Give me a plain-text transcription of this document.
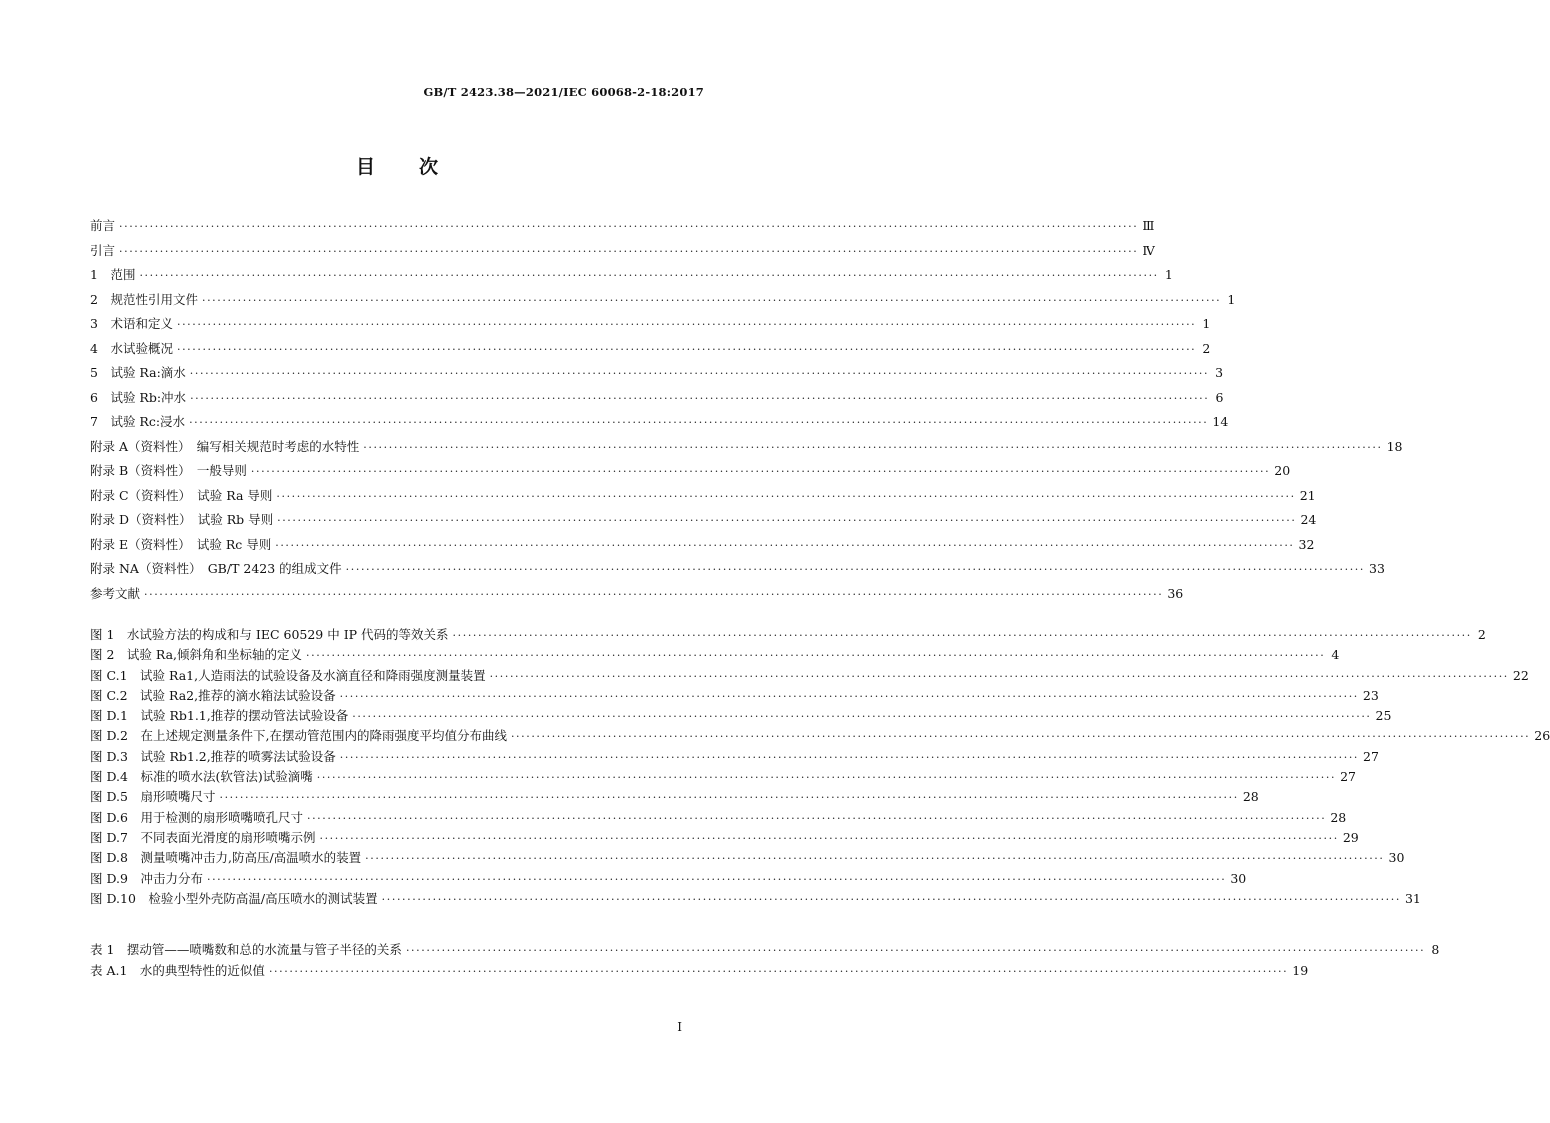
GB/T 2423.38—2021/IEC 60068-2-18:2017
目次
前言 ········································································································································································································ Ⅲ
引言 ········································································································································································································ Ⅳ
1　范围 ········································································································································································································ 1
2　规范性引用文件 ········································································································································································································ 1
3　术语和定义 ········································································································································································································ 1
4　水试验概况 ········································································································································································································ 2
5　试验 Ra:滴水 ········································································································································································································ 3
6　试验 Rb:冲水 ········································································································································································································ 6
7　试验 Rc:浸水 ········································································································································································································ 14
附录 A（资料性）　编写相关规范时考虑的水特性 ········································································································································································································ 18
附录 B（资料性）　一般导则 ········································································································································································································ 20
附录 C（资料性）　试验 Ra 导则 ········································································································································································································ 21
附录 D（资料性）　试验 Rb 导则 ········································································································································································································ 24
附录 E（资料性）　试验 Rc 导则 ········································································································································································································ 32
附录 NA（资料性）　GB/T 2423 的组成文件 ········································································································································································································ 33
参考文献 ········································································································································································································ 36
图 1　水试验方法的构成和与 IEC 60529 中 IP 代码的等效关系 ········································································································································································································ 2
图 2　试验 Ra,倾斜角和坐标轴的定义 ········································································································································································································ 4
图 C.1　试验 Ra1,人造雨法的试验设备及水滴直径和降雨强度测量装置 ········································································································································································································ 22
图 C.2　试验 Ra2,推荐的滴水箱法试验设备 ········································································································································································································ 23
图 D.1　试验 Rb1.1,推荐的摆动管法试验设备 ········································································································································································································ 25
图 D.2　在上述规定测量条件下,在摆动管范围内的降雨强度平均值分布曲线 ········································································································································································································ 26
图 D.3　试验 Rb1.2,推荐的喷雾法试验设备 ········································································································································································································ 27
图 D.4　标准的喷水法(软管法)试验滴嘴 ········································································································································································································ 27
图 D.5　扇形喷嘴尺寸 ········································································································································································································ 28
图 D.6　用于检测的扇形喷嘴喷孔尺寸 ········································································································································································································ 28
图 D.7　不同表面光滑度的扇形喷嘴示例 ········································································································································································································ 29
图 D.8　测量喷嘴冲击力,防高压/高温喷水的装置 ········································································································································································································ 30
图 D.9　冲击力分布 ········································································································································································································ 30
图 D.10　检验小型外壳防高温/高压喷水的测试装置 ········································································································································································································ 31
表 1　摆动管——喷嘴数和总的水流量与管子半径的关系 ········································································································································································································ 8
表 A.1　水的典型特性的近似值 ········································································································································································································ 19
I
